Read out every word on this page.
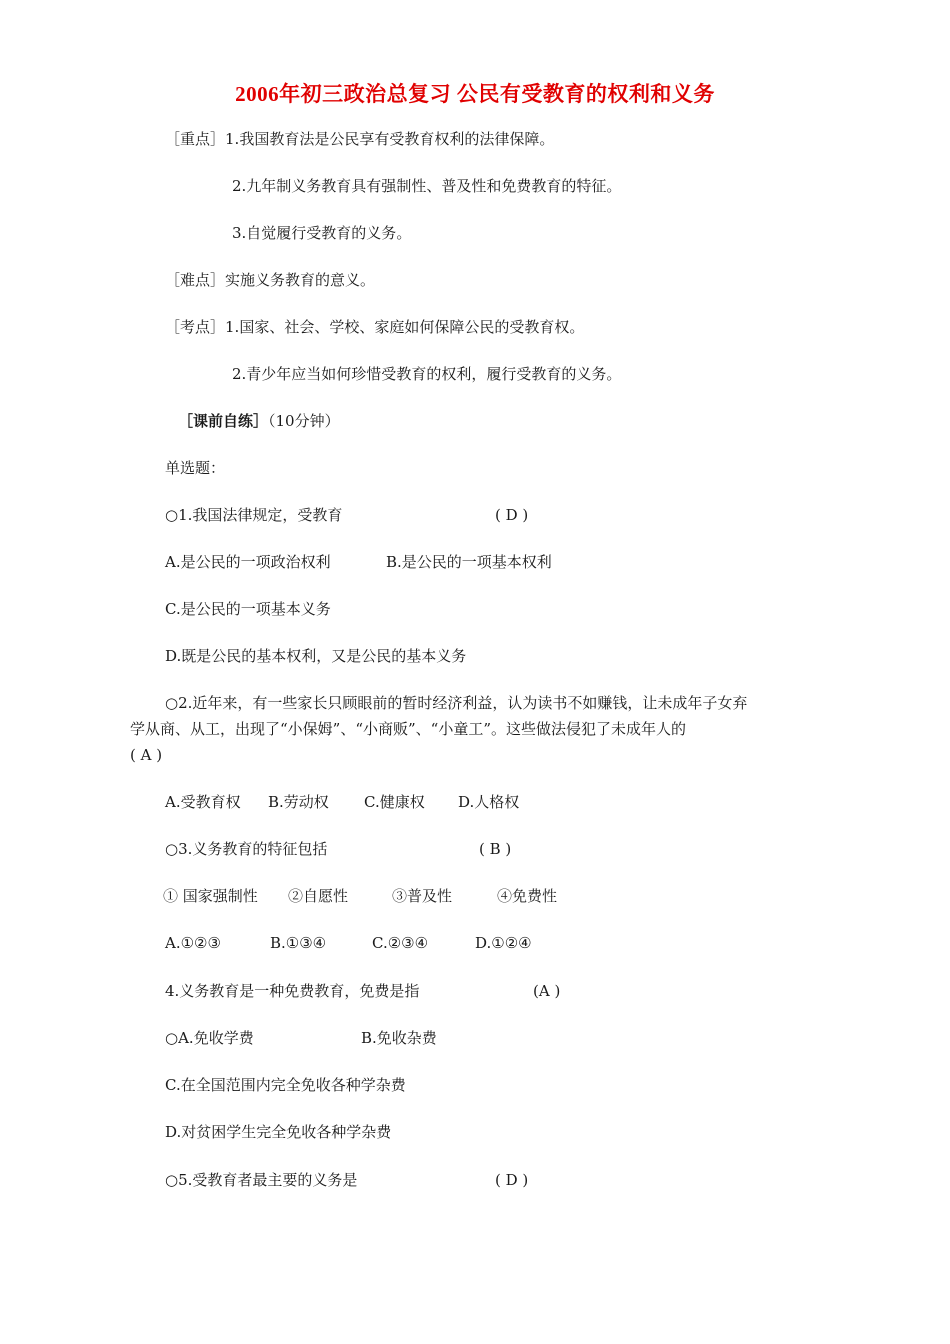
2006年初三政治总复习 公民有受教育的权利和义务
［重点］1.我国教育法是公民享有受教育权利的法律保障。
2.九年制义务教育具有强制性、普及性和免费教育的特征。
3.自觉履行受教育的义务。
［难点］实施义务教育的意义。
［考点］1.国家、社会、学校、家庭如何保障公民的受教育权。
2.青少年应当如何珍惜受教育的权利，履行受教育的义务。
［课前自练］（10分钟）
单选题：
○1.我国法律规定，受教育	( D )
A.是公民的一项政治权利	B.是公民的一项基本权利
C.是公民的一项基本义务
D.既是公民的基本权利，又是公民的基本义务
○2.近年来，有一些家长只顾眼前的暂时经济利益，认为读书不如赚钱，让未成年子女弃
学从商、从工，出现了“小保姆”、“小商贩”、“小童工”。这些做法侵犯了未成年人的
( A )
A.受教育权 B.劳动权 C.健康权 D.人格权
○3.义务教育的特征包括	( B )
① 国家强制性 ②自愿性	③普及性	④免费性
A.①②③	B.①③④	C.②③④	D.①②④
4.义务教育是一种免费教育，免费是指	(A )
○A.免收学费	B.免收杂费
C.在全国范围内完全免收各种学杂费
D.对贫困学生完全免收各种学杂费
○5.受教育者最主要的义务是	( D )
